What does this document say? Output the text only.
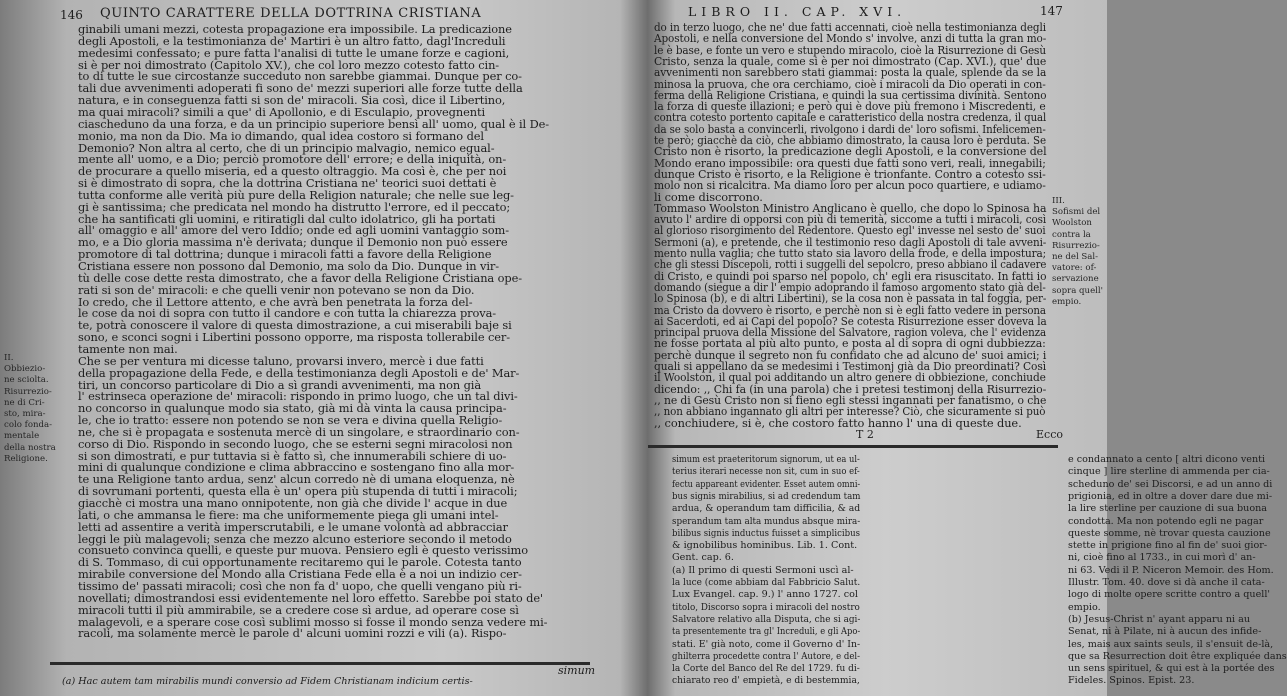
146 QUINTO CARATTERE DELLA DOTTRINA CRISTIANA
ginabili umani mezzi, cotesta propagazione era impossibile. La predicazione
degli Apostoli, e la testimonianza de' Martiri è un altro fatto, dagl'Increduli
medesimi confessato; e pure fatta l'analisi di tutte le umane forze e cagioni,
si è per noi dimostrato (Capitolo XV.), che col loro mezzo cotesto fatto cin-
to di tutte le sue circostanze succeduto non sarebbe giammai. Dunque per co-
tali due avvenimenti adoperati fi sono de' mezzi superiori alle forze tutte della
natura, e in conseguenza fatti si son de' miracoli. Sia così, dice il Libertino,
ma quai miracoli? simili a que' di Apollonio, e di Esculapio, provegnenti
ciascheduno da una forza, e da un principio superiore bensì all' uomo, qual è il De-
monio, ma non da Dio. Ma io dimando, qual idea costoro si formano del
Demonio? Non altra al certo, che di un principio malvagio, nemico egual-
mente all' uomo, e a Dio; perciò promotore dell' errore; e della iniquità, on-
de procurare a quello miseria, ed a questo oltraggio. Ma così è, che per noi
si è dimostrato di sopra, che la dottrina Cristiana ne' teorici suoi dettati è
tutta conforme alle verità più pure della Religion naturale; che nelle sue leg-
gi è santissima; che predicata nel mondo ha distrutto l'errore, ed il peccato;
che ha santificati gli uomini, e ritiratigli dal culto idolatrico, gli ha portati
all' omaggio e all' amore del vero Iddio; onde ed agli uomini vantaggio som-
mo, e a Dio gloria massima n'è derivata; dunque il Demonio non può essere
promotore di tal dottrina; dunque i miracoli fatti a favore della Religione
Cristiana essere non possono dal Demonio, ma solo da Dio. Dunque in vir-
tù delle cose dette resta dimostrato, che a favor della Religione Cristiana ope-
rati si son de' miracoli: e che quelli venir non potevano se non da Dio.
Io credo, che il Lettore attento, e che avrà ben penetrata la forza del-
le cose da noi di sopra con tutto il candore e con tutta la chiarezza prova-
te, potrà conoscere il valore di questa dimostrazione, a cui miserabili baje si
sono, e sconci sogni i Libertini possono opporre, ma risposta tollerabile cer-
tamente non mai.
Che se per ventura mi dicesse taluno, provarsi invero, mercè i due fatti
della propagazione della Fede, e della testimonianza degli Apostoli e de' Mar-
tiri, un concorso particolare di Dio a sì grandi avvenimenti, ma non già
l' estrinseca operazione de' miracoli: rispondo in primo luogo, che un tal divi-
no concorso in qualunque modo sia stato, già mi dà vinta la causa principa-
le, che io tratto: essere non potendo se non se vera e divina quella Religio-
ne, che si è propagata e sostenuta mercè di un singolare, e straordinario con-
corso di Dio. Rispondo in secondo luogo, che se esterni segni miracolosi non
si son dimostrati, e pur tuttavia si è fatto sì, che innumerabili schiere di uo-
mini di qualunque condizione e clima abbraccino e sostengano fino alla mor-
te una Religione tanto ardua, senz' alcun corredo nè di umana eloquenza, nè
di sovrumani portenti, questa ella è un' opera più stupenda di tutti i miracoli;
giacchè ci mostra una mano onnipotente, non già che divide l' acque in due
lati, o che ammansa le fiere: ma che uniformemente piega gli umani intel-
letti ad assentire a verità imperscrutabili, e le umane volontà ad abbracciar
leggi le più malagevoli; senza che mezzo alcuno esteriore secondo il metodo
consueto convinca quelli, e queste pur muova. Pensiero egli è questo verissimo
di S. Tommaso, di cui opportunamente recitaremo qui le parole. Cotesta tanto
mirabile conversione del Mondo alla Cristiana Fede ella è a noi un indizio cer-
tissimo de' passati miracoli; così che non fa d' uopo, che quelli vengano più ri-
novellati; dimostrandosi essi evidentemente nel loro effetto. Sarebbe poi stato de'
miracoli tutti il più ammirabile, se a credere cose sì ardue, ad operare cose sì
malagevoli, e a sperare cose così sublimi mosso si fosse il mondo senza vedere mi-
racoli, ma solamente mercè le parole d' alcuni uomini rozzi e vili (a). Rispo-
II.
Obbiezio-
ne sciolta.
Risurrezio-
ne di Cri-
sto, mira-
colo fonda-
mentale
della nostra
Religione.
(a) Hac autem tam mirabilis mundi conversio ad Fidem Christianam indicium certis-
simum
LIBRO II. CAP. XVI.	147
do in terzo luogo, che ne' due fatti accennati, cioè nella testimonianza degli
Apostoli, e nella conversione del Mondo s' involve, anzi di tutta la gran mo-
le è base, e fonte un vero e stupendo miracolo, cioè la Risurrezione di Gesù
Cristo, senza la quale, come si è per noi dimostrato (Cap. XVI.), que' due
avvenimenti non sarebbero stati giammai: posta la quale, splende da se la
minosa la pruova, che ora cerchiamo, cioè i miracoli da Dio operati in con-
ferma della Religione Cristiana, e quindi la sua certissima divinità. Sentono
la forza di queste illazioni; e però qui è dove più fremono i Miscredenti, e
contra cotesto portento capitale e caratteristico della nostra credenza, il qual
da se solo basta a convincerli, rivolgono i dardi de' loro sofismi. Infelicemen-
te però; giacchè da ciò, che abbiamo dimostrato, la causa loro è perduta. Se
Cristo non è risorto, la predicazione degli Apostoli, e la conversione del
Mondo erano impossibile: ora questi due fatti sono veri, reali, innegabili;
dunque Cristo è risorto, e la Religione è trionfante. Contro a cotesto ssi-
molo non si ricalcitra. Ma diamo loro per alcun poco quartiere, e udiamo-
li come discorrono.
Tommaso Woolston Ministro Anglicano è quello, che dopo lo Spinosa ha
avuto l' ardire di opporsi con più di temerità, siccome a tutti i miracoli, così
al glorioso risorgimento del Redentore. Questo egl' invesse nel sesto de' suoi
Sermoni (a), e pretende, che il testimonio reso dagli Apostoli di tale avveni-
mento nulla vaglia; che tutto stato sia lavoro della frode, e della impostura;
che gli stessi Discepoli, rotti i suggelli del sepolcro, preso abbiano il cadavere
di Cristo, e quindi poi sparso nel popolo, ch' egli era risuscitato. In fatti io
domando (siegue a dir l' empio adoprando il famoso argomento stato già del-
lo Spinosa (b), e di altri Libertini), se la cosa non è passata in tal foggia, per-
ma Cristo da dovvero è risorto, e perchè non si è egli fatto vedere in persona
ai Sacerdoti, ed ai Capi del popolo? Se cotesta Risurrezione esser doveva la
principal pruova della Missione del Salvatore, ragion voleva, che l' evidenza
ne fosse portata al più alto punto, e posta al di sopra di ogni dubbiezza:
perchè dunque il segreto non fu confidato che ad alcuno de' suoi amici; i
quali si appellano da se medesimi i Testimonj già da Dio preordinati? Così
il Woolston, il qual poi additando un altro genere di obbiezione, conchiude
dicendo: ,, Chi fa (in una parola) che i pretesi testimonj della Risurrezio-
,, ne di Gesù Cristo non si fieno egli stessi ingannati per fanatismo, o che
,, non abbiano ingannato gli altri per interesse? Ciò, che sicuramente si può
,, conchiudere, si è, che costoro fatto hanno l' una di queste due.
III.
Sofismi del
Woolston
contra la
Risurrezio-
ne del Sal-
vatore: of-
servazione
sopra quell'
empio.
T 2	Ecco
simum est praeteritorum signorum, ut ea ul-
terius iterari necesse non sit, cum in suo ef-
fectu appareant evidenter. Esset autem omni-
bus signis mirabilius, si ad credendum tam
ardua, & operandum tam difficilia, & ad
sperandum tam alta mundus absque mira-
bilibus signis inductus fuisset a simplicibus
& ignobilibus hominibus. Lib. 1. Cont.
Gent. cap. 6.
(a) Il primo di questi Sermoni uscì al-
la luce (come abbiam dal Fabbricio Salut.
Lux Evangel. cap. 9.) l' anno 1727. col
titolo, Discorso sopra i miracoli del nostro
Salvatore relativo alla Disputa, che si agi-
ta presentemente tra gl' Increduli, e gli Apo-
stati. E' già noto, come il Governo d' In-
ghilterra procedette contra l' Autore, e del-
la Corte del Banco del Re del 1729. fu di-
chiarato reo d' empietà, e di bestemmia,
e condannato a cento [ altri dicono venti
cinque ] lire sterline di ammenda per cia-
scheduno de' sei Discorsi, e ad un anno di
prigionia, ed in oltre a dover dare due mi-
la lire sterline per cauzione di sua buona
condotta. Ma non potendo egli ne pagar
queste somme, nè trovar questa cauzione
stette in prigione fino al fin de' suoi gior-
ni, cioè fino al 1733., in cui morì d' an-
ni 63. Vedi il P. Niceron Memoir. des Hom.
Illustr. Tom. 40. dove si dà anche il cata-
logo di molte opere scritte contro a quell'
empio.
(b) Jesus-Christ n' ayant apparu ni au
Senat, ni à Pilate, ni à aucun des infide-
les, mais aux saints seuls, il s'ensuit de-là,
que sa Resurrection doit être expliquée dans
un sens spirituel, & qui est à la portée des
Fideles. Spinos. Epist. 23.
